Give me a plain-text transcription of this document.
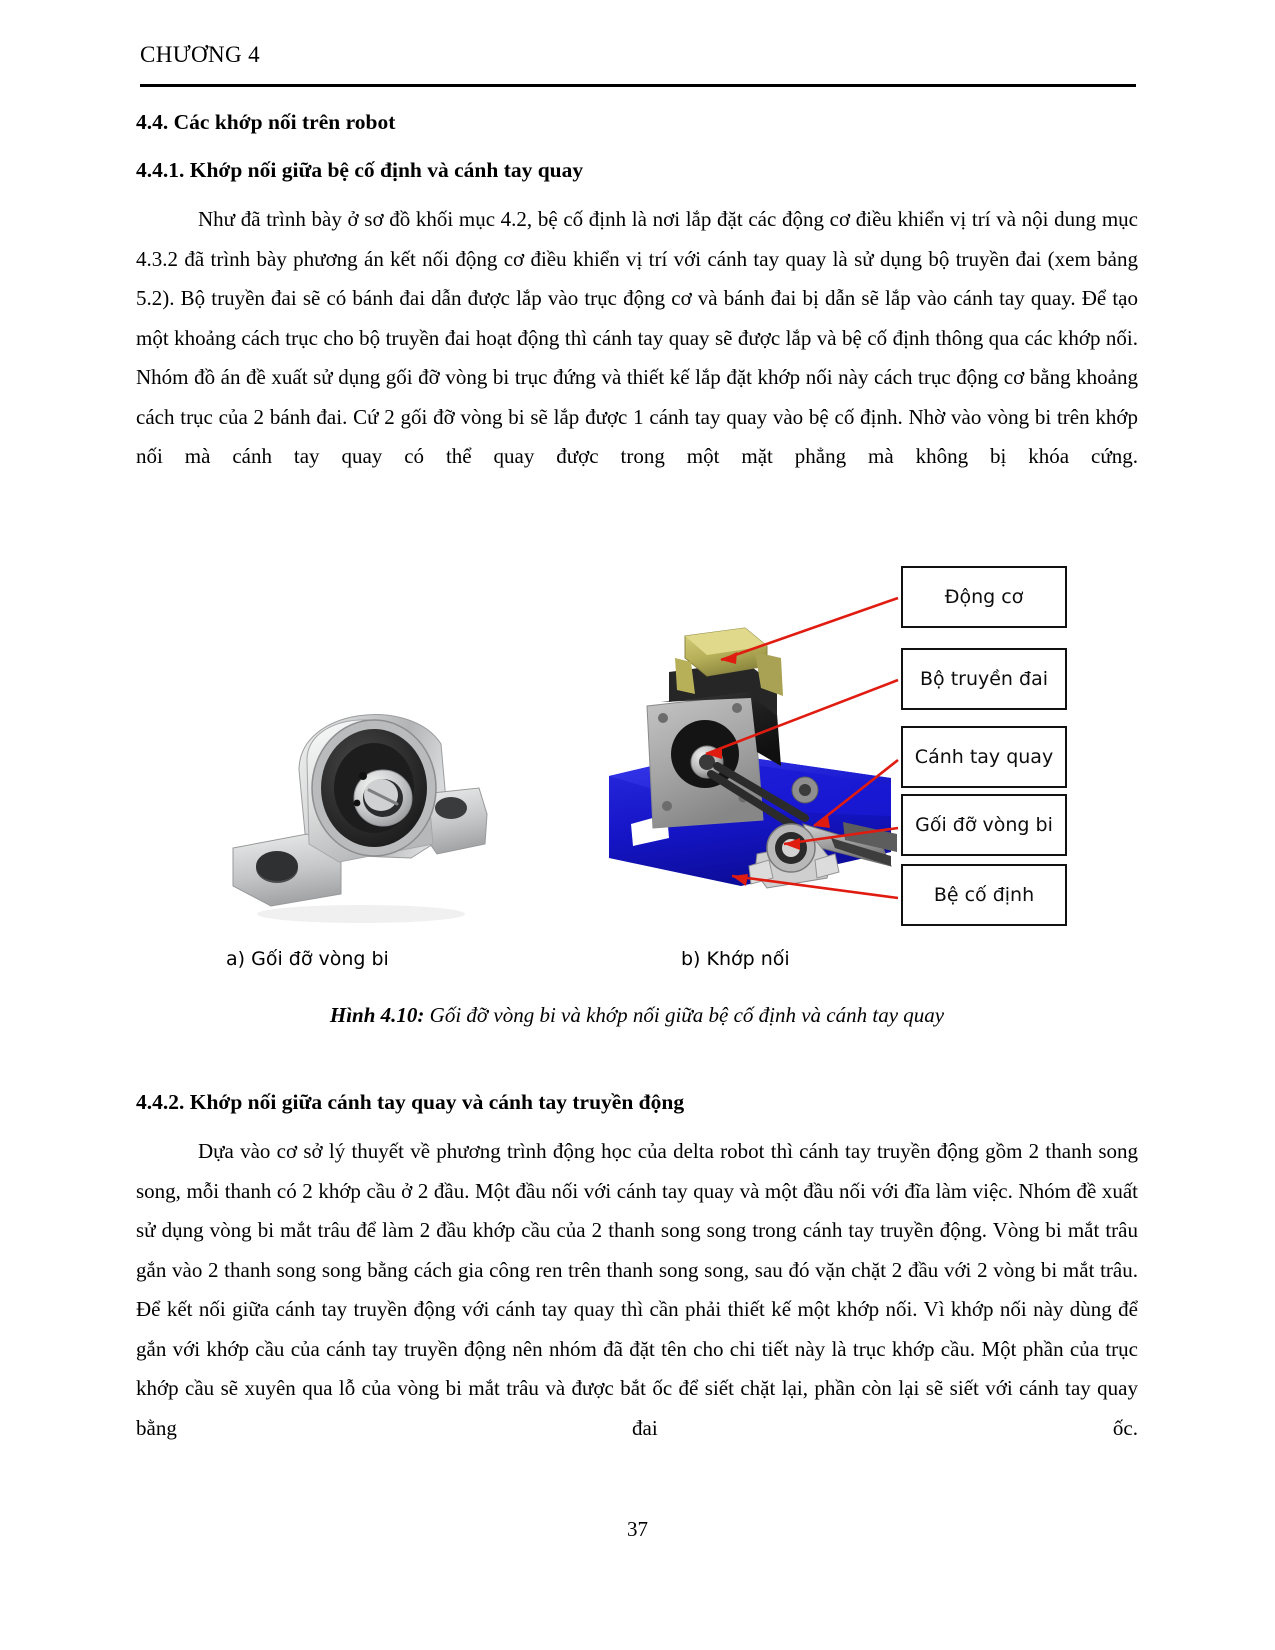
CHƯƠNG 4
4.4. Các khớp nối trên robot
4.4.1. Khớp nối giữa bệ cố định và cánh tay quay

Như đã trình bày ở sơ đồ khối mục 4.2, bệ cố định là nơi lắp đặt các động cơ điều khiển vị trí và nội dung mục 4.3.2 đã trình bày phương án kết nối động cơ điều khiển vị trí với cánh tay quay là sử dụng bộ truyền đai (xem bảng 5.2). Bộ truyền đai sẽ có bánh đai dẫn được lắp vào trục động cơ và bánh đai bị dẫn sẽ lắp vào cánh tay quay. Để tạo một khoảng cách trục cho bộ truyền đai hoạt động thì cánh tay quay sẽ được lắp và bệ cố định thông qua các khớp nối. Nhóm đồ án đề xuất sử dụng gối đỡ vòng bi trục đứng và thiết kế lắp đặt khớp nối này cách trục động cơ bằng khoảng cách trục của 2 bánh đai. Cứ 2 gối đỡ vòng bi sẽ lắp được 1 cánh tay quay vào bệ cố định. Nhờ vào vòng bi trên khớp nối mà cánh tay quay có thể quay được trong một mặt phẳng mà không bị khóa cứng.

Động cơ
Bộ truyền đai
Cánh tay quay
Gối đỡ vòng bi
Bệ cố định
a) Gối đỡ vòng bi	b) Khớp nối
Hình 4.10: Gối đỡ vòng bi và khớp nối giữa bệ cố định và cánh tay quay
4.4.2. Khớp nối giữa cánh tay quay và cánh tay truyền động

Dựa vào cơ sở lý thuyết về phương trình động học của delta robot thì cánh tay truyền động gồm 2 thanh song song, mỗi thanh có 2 khớp cầu ở 2 đầu. Một đầu nối với cánh tay quay và một đầu nối với đĩa làm việc. Nhóm đề xuất sử dụng vòng bi mắt trâu để làm 2 đầu khớp cầu của 2 thanh song song trong cánh tay truyền động. Vòng bi mắt trâu gắn vào 2 thanh song song bằng cách gia công ren trên thanh song song, sau đó vặn chặt 2 đầu với 2 vòng bi mắt trâu. Để kết nối giữa cánh tay truyền động với cánh tay quay thì cần phải thiết kế một khớp nối. Vì khớp nối này dùng để gắn với khớp cầu của cánh tay truyền động nên nhóm đã đặt tên cho chi tiết này là trục khớp cầu. Một phần của trục khớp cầu sẽ xuyên qua lỗ của vòng bi mắt trâu và được bắt ốc để siết chặt lại, phần còn lại sẽ siết với cánh tay quay bằng đai ốc.

37
